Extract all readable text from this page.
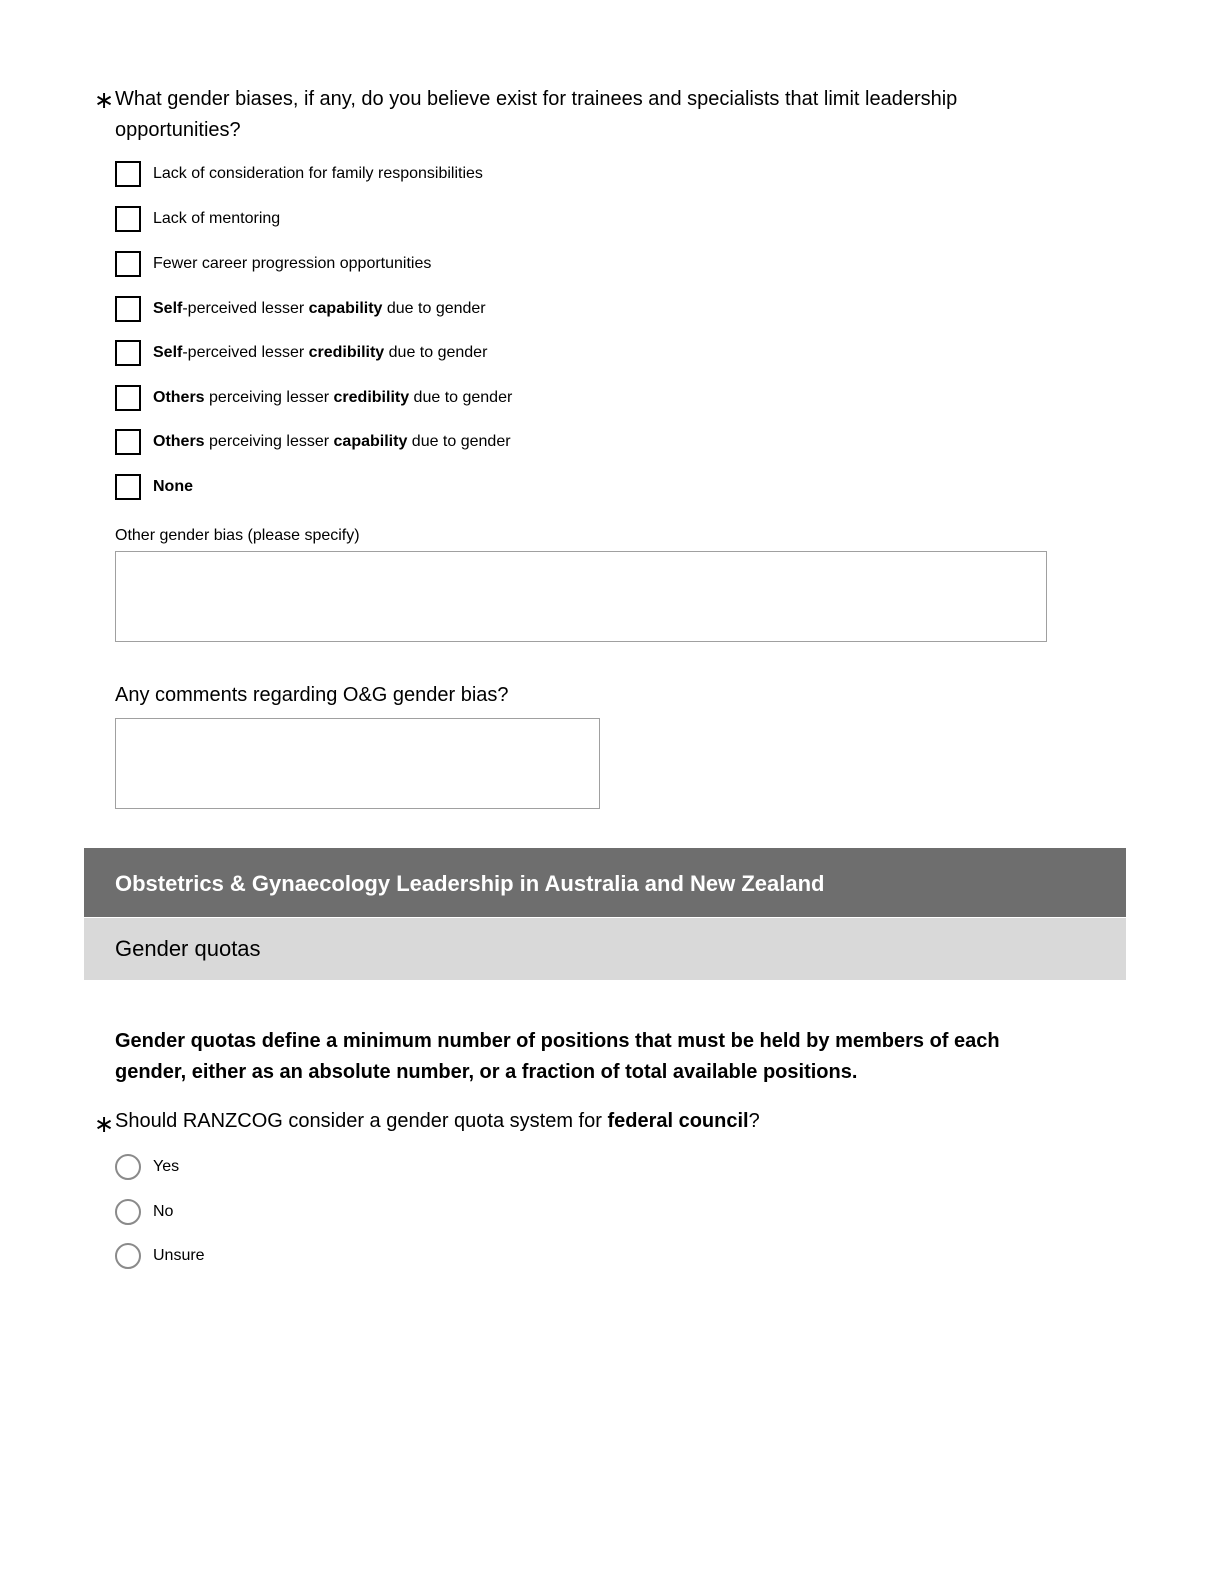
∗ What gender biases, if any, do you believe exist for trainees and specialists that limit leadership opportunities?
Lack of consideration for family responsibilities
Lack of mentoring
Fewer career progression opportunities
Self-perceived lesser capability due to gender
Self-perceived lesser credibility due to gender
Others perceiving lesser credibility due to gender
Others perceiving lesser capability due to gender
None
Other gender bias (please specify)
Any comments regarding O&G gender bias?
Obstetrics & Gynaecology Leadership in Australia and New Zealand
Gender quotas
Gender quotas define a minimum number of positions that must be held by members of each gender, either as an absolute number, or a fraction of total available positions.
∗ Should RANZCOG consider a gender quota system for federal council?
Yes
No
Unsure
